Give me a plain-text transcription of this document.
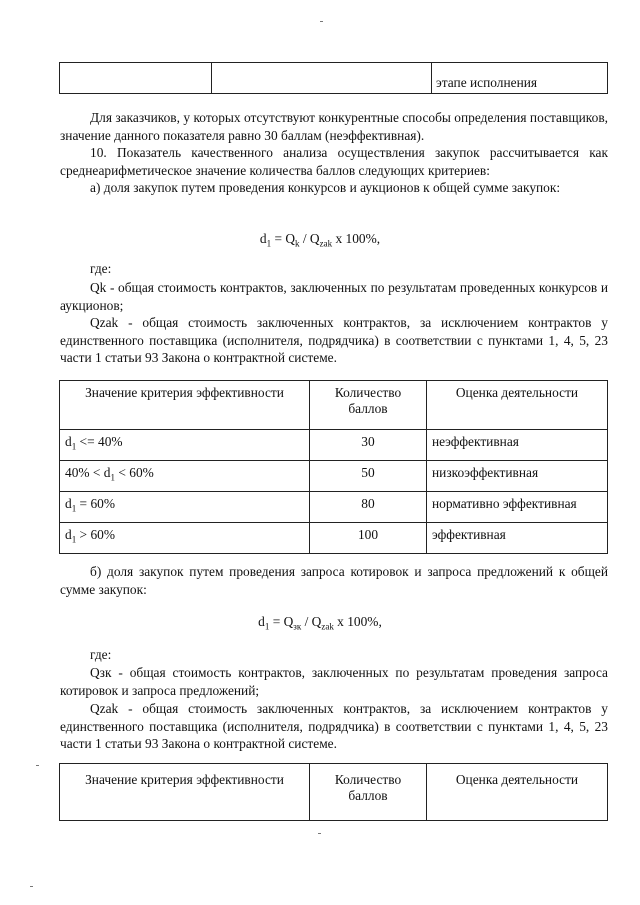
		этапе исполнения

Для заказчиков, у которых отсутствуют конкурентные способы определения поставщиков, значение данного показателя равно 30 баллам (неэффективная).

10. Показатель качественного анализа осуществления закупок рассчитывается как среднеарифметическое значение количества баллов следующих критериев:

а) доля закупок путем проведения конкурсов и аукционов к общей сумме закупок:

$d_1 = Q_k / Q_{zak}$ х 100%,
где:

Qk - общая стоимость контрактов, заключенных по результатам проведенных конкурсов и аукционов;

Qzak - общая стоимость заключенных контрактов, за исключением контрактов у единственного поставщика (исполнителя, подрядчика) в соответствии с пунктами 1, 4, 5, 23 части 1 статьи 93 Закона о контрактной системе.

Значение критерия эффективности	Количество баллов	Оценка деятельности
$d_1 <= 40\%$	30	неэффективная
$40\% < d_1 < 60\%$	50	низкоэффективная
$d_1 = 60\%$	80	нормативно эффективная
$d_1 > 60\%$	100	эффективная

б) доля закупок путем проведения запроса котировок и запроса предложений к общей сумме закупок:

$d_1 = Q_{зк} / Q_{zak}$ х 100%,
где:

Qзк - общая стоимость контрактов, заключенных по результатам проведения запроса котировок и запроса предложений;

Qzak - общая стоимость заключенных контрактов, за исключением контрактов у единственного поставщика (исполнителя, подрядчика) в соответствии с пунктами 1, 4, 5, 23 части 1 статьи 93 Закона о контрактной системе.

Значение критерия эффективности	Количество баллов	Оценка деятельности
